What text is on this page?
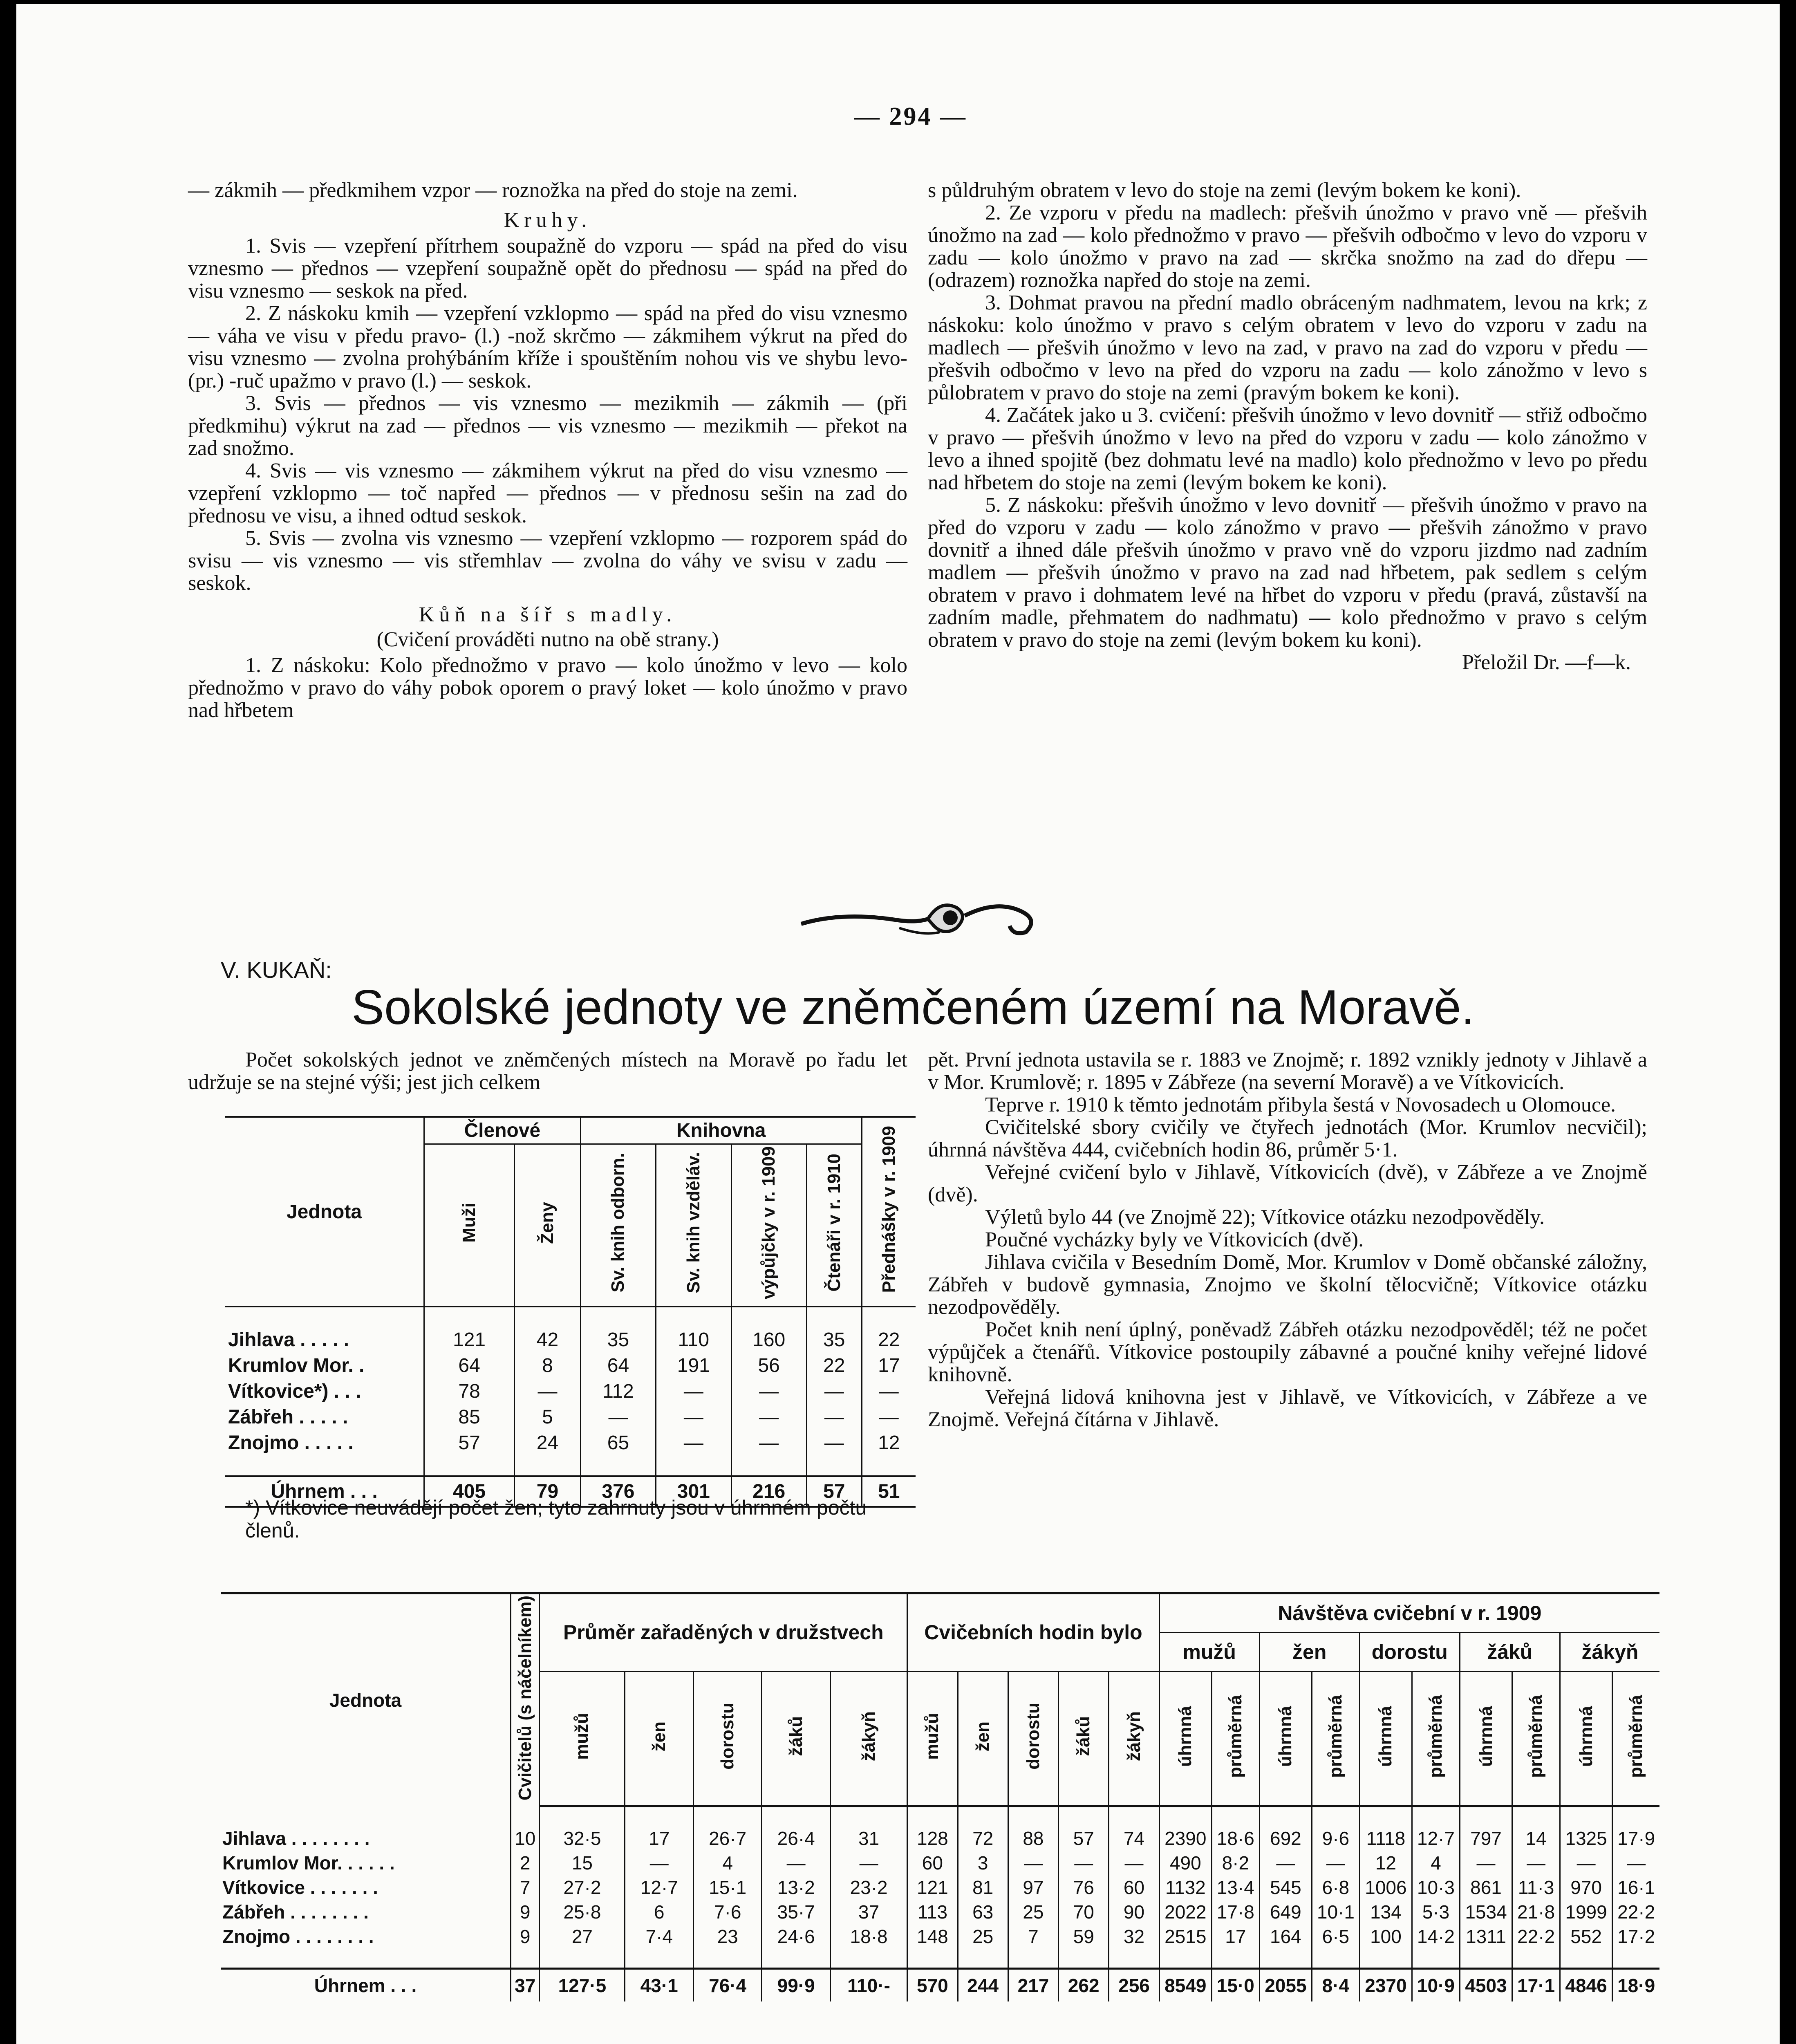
— 294 —

— zákmih — předkmihem vzpor — roznožka na před do stoje na zemi.

Kruhy.

1. Svis — vzepření přítrhem soupažně do vzporu — spád na před do visu vznesmo — přednos — vzepření soupažně opět do přednosu — spád na před do visu vznesmo — seskok na před.

2. Z náskoku kmih — vzepření vzklopmo — spád na před do visu vznesmo — váha ve visu v předu pravo- (l.) -nož skrčmo — zákmihem výkrut na před do visu vznesmo — zvolna prohýbáním kříže i spouštěním nohou vis ve shybu levo- (pr.) -ruč upažmo v pravo (l.) — seskok.

3. Svis — přednos — vis vznesmo — mezikmih — zákmih — (při předkmihu) výkrut na zad — přednos — vis vznesmo — mezikmih — překot na zad snožmo.

4. Svis — vis vznesmo — zákmihem výkrut na před do visu vznesmo — vzepření vzklopmo — toč napřed — přednos — v přednosu sešin na zad do přednosu ve visu, a ihned odtud seskok.

5. Svis — zvolna vis vznesmo — vzepření vzklopmo — rozporem spád do svisu — vis vznesmo — vis střemhlav — zvolna do váhy ve svisu v zadu — seskok.

Kůň na šíř s madly.

(Cvičení prováděti nutno na obě strany.)

1. Z náskoku: Kolo přednožmo v pravo — kolo únožmo v levo — kolo přednožmo v pravo do váhy pobok oporem o pravý loket — kolo únožmo v pravo nad hřbetem

s půldruhým obratem v levo do stoje na zemi (levým bokem ke koni).

2. Ze vzporu v předu na madlech: přešvih únožmo v pravo vně — přešvih únožmo na zad — kolo přednožmo v pravo — přešvih odbočmo v levo do vzporu v zadu — kolo únožmo v pravo na zad — skrčka snožmo na zad do dřepu — (odrazem) roznožka napřed do stoje na zemi.

3. Dohmat pravou na přední madlo obráceným nadhmatem, levou na krk; z náskoku: kolo únožmo v pravo s celým obratem v levo do vzporu v zadu na madlech — přešvih únožmo v levo na zad, v pravo na zad do vzporu v předu — přešvih odbočmo v levo na před do vzporu na zadu — kolo zánožmo v levo s půlobratem v pravo do stoje na zemi (pravým bokem ke koni).

4. Začátek jako u 3. cvičení: přešvih únožmo v levo dovnitř — střiž odbočmo v pravo — přešvih únožmo v levo na před do vzporu v zadu — kolo zánožmo v levo a ihned spojitě (bez dohmatu levé na madlo) kolo přednožmo v levo po předu nad hřbetem do stoje na zemi (levým bokem ke koni).

5. Z náskoku: přešvih únožmo v levo dovnitř — přešvih únožmo v pravo na před do vzporu v zadu — kolo zánožmo v pravo — přešvih zánožmo v pravo dovnitř a ihned dále přešvih únožmo v pravo vně do vzporu jizdmo nad zadním madlem — přešvih únožmo v pravo na zad nad hřbetem, pak sedlem s celým obratem v pravo i dohmatem levé na hřbet do vzporu v předu (pravá, zůstavší na zadním madle, přehmatem do nadhmatu) — kolo přednožmo v pravo s celým obratem v pravo do stoje na zemi (levým bokem ku koni).

Přeložil Dr. —f—k.

V. KUKAŇ:
Sokolské jednoty ve zněmčeném území na Moravě.

Počet sokolských jednot ve zněmčených místech na Moravě po řadu let udržuje se na stejné výši; jest jich celkem

Jednota	Členové		Knihovna				Přednášky v r. 1909
	Muži	Ženy	Sv. knih odborn.	Sv. knih vzděláv.	výpůjčky v r. 1909	Čtenáři v r. 1910	

Jihlava . . . . .	121	42	35	110	160	35	22
Krumlov Mor. .	64	8	64	191	56	22	17
Vítkovice*) . . .	78	—	112	—	—	—	—
Zábřeh . . . . .	85	5	—	—	—	—	—
Znojmo . . . . .	57	24	65	—	—	—	12

Úhrnem . . .	405	79	376	301	216	57	51
*) Vítkovice neuvádějí počet žen; tyto zahrnuty jsou v úhrnném počtu členů.

pět. První jednota ustavila se r. 1883 ve Znojmě; r. 1892 vznikly jednoty v Jihlavě a v Mor. Krumlově; r. 1895 v Zábřeze (na severní Moravě) a ve Vítkovicích.

Teprve r. 1910 k těmto jednotám přibyla šestá v Novosadech u Olomouce.

Cvičitelské sbory cvičily ve čtyřech jednotách (Mor. Krumlov necvičil); úhrnná návštěva 444, cvičebních hodin 86, průměr 5·1.

Veřejné cvičení bylo v Jihlavě, Vítkovicích (dvě), v Zábřeze a ve Znojmě (dvě).

Výletů bylo 44 (ve Znojmě 22); Vítkovice otázku nezodpověděly.

Poučné vycházky byly ve Vítkovicích (dvě).

Jihlava cvičila v Besedním Domě, Mor. Krumlov v Domě občanské záložny, Zábřeh v budově gymnasia, Znojmo ve školní tělocvičně; Vítkovice otázku nezodpověděly.

Počet knih není úplný, poněvadž Zábřeh otázku nezodpověděl; též ne počet výpůjček a čtenářů. Vítkovice postoupily zábavné a poučné knihy veřejné lidové knihovně.

Veřejná lidová knihovna jest v Jihlavě, ve Vítkovicích, v Zábřeze a ve Znojmě. Veřejná čítárna v Jihlavě.

Jednota	Cvičitelů (s náčelníkem)	Průměr zařaděných v družstvech					Cvičebních hodin bylo					Návštěva cvičební v r. 1909									
												mužů		žen		dorostu		žáků		žákyň	
		mužů	žen	dorostu	žáků	žákyň	mužů	žen	dorostu	žáků	žákyň	úhrnná	průměrná	úhrnná	průměrná	úhrnná	průměrná	úhrnná	průměrná	úhrnná	průměrná

Jihlava . . . . . . . .	10	32·5	17	26·7	26·4	31	128	72	88	57	74	2390	18·6	692	9·6	1118	12·7	797	14	1325	17·9
Krumlov Mor. . . . . .	2	15	—	4	—	—	60	3	—	—	—	490	8·2	—	—	12	4	—	—	—	—
Vítkovice . . . . . . .	7	27·2	12·7	15·1	13·2	23·2	121	81	97	76	60	1132	13·4	545	6·8	1006	10·3	861	11·3	970	16·1
Zábřeh . . . . . . . .	9	25·8	6	7·6	35·7	37	113	63	25	70	90	2022	17·8	649	10·1	134	5·3	1534	21·8	1999	22·2
Znojmo . . . . . . . .	9	27	7·4	23	24·6	18·8	148	25	7	59	32	2515	17	164	6·5	100	14·2	1311	22·2	552	17·2

Úhrnem . . .	37	127·5	43·1	76·4	99·9	110·-	570	244	217	262	256	8549	15·0	2055	8·4	2370	10·9	4503	17·1	4846	18·9
